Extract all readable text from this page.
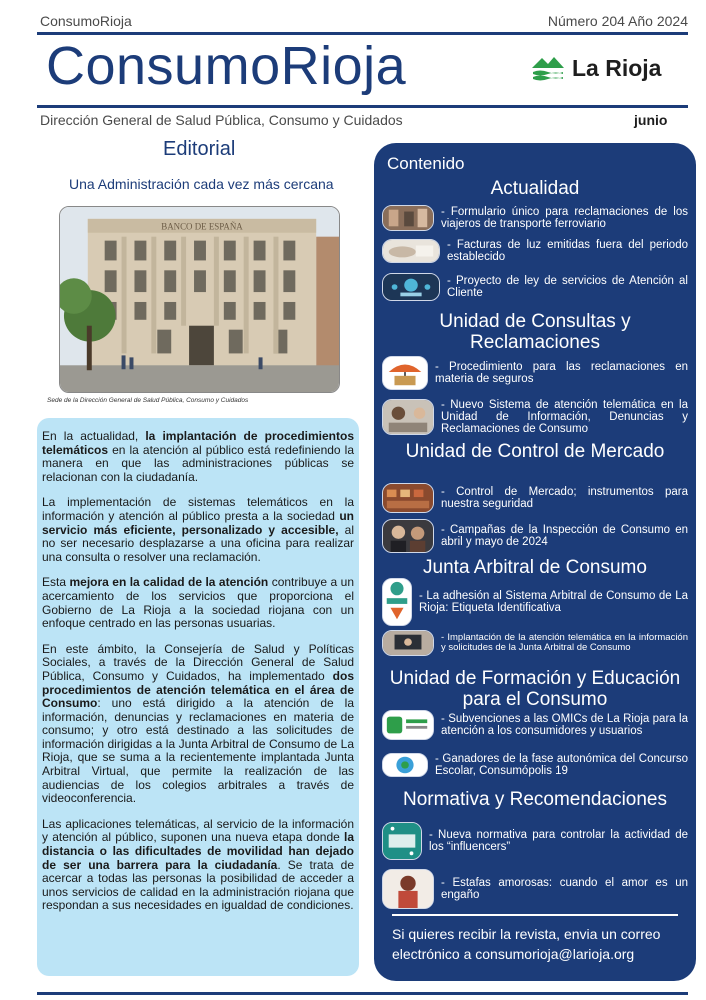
ConsumoRioja	Número 204 Año 2024
ConsumoRioja	La Rioja
Dirección General de Salud Pública, Consumo y Cuidados	junio
Editorial
Una Administración cada vez más cercana
BANCO DE ESPAÑA
Sede de la Dirección General de Salud Pública, Consumo y Cuidados

En la actualidad, la implantación de procedimientos telemáticos en la atención al público está redefiniendo la manera en que las administraciones públicas se relacionan con la ciudadanía.

La implementación de sistemas telemáticos en la información y atención al público presta a la sociedad un servicio más eficiente, personalizado y accesible, al no ser necesario desplazarse a una oficina para realizar una consulta o resolver una reclamación.

Esta mejora en la calidad de la atención contribuye a un acercamiento de los servicios que proporciona el Gobierno de La Rioja a la sociedad riojana con un enfoque centrado en las personas usuarias.

En este ámbito, la Consejería de Salud y Políticas Sociales, a través de la Dirección General de Salud Pública, Consumo y Cuidados, ha implementado dos procedimientos de atención telemática en el área de Consumo: uno está dirigido a la atención de la información, denuncias y reclamaciones en materia de consumo; y otro está destinado a las solicitudes de información dirigidas a la Junta Arbitral de Consumo de La Rioja, que se suma a la recientemente implantada Junta Arbitral Virtual, que permite la realización de las audiencias de los colegios arbitrales a través de videoconferencia.

Las aplicaciones telemáticas, al servicio de la información y atención al público, suponen una nueva etapa donde la distancia o las dificultades de movilidad han dejado de ser una barrera para la ciudadanía. Se trata de acercar a todas las personas la posibilidad de acceder a unos servicios de calidad en la administración riojana que respondan a sus necesidades en igualdad de condiciones.

Contenido
Actualidad
- Formulario único para reclamaciones de los viajeros de transporte ferroviario
- Facturas de luz emitidas fuera del periodo establecido
- Proyecto de ley de servicios de Atención al Cliente
Unidad de Consultas y Reclamaciones
- Procedimiento para las reclamaciones en materia de seguros
- Nuevo Sistema de atención telemática en la Unidad de Información, Denuncias y Reclamaciones de Consumo
Unidad de Control de Mercado
- Control de Mercado; instrumentos para nuestra seguridad
- Campañas de la Inspección de Consumo en abril y mayo de 2024
Junta Arbitral de Consumo
- La adhesión al Sistema Arbitral de Consumo de La Rioja: Etiqueta Identificativa
- Implantación de la atención telemática en la información y solicitudes de la Junta Arbitral de Consumo
Unidad de Formación y Educación para el Consumo
- Subvenciones a las OMICs de La Rioja para la atención a los consumidores y usuarios
- Ganadores de la fase autonómica del Concurso Escolar, Consumópolis 19
Normativa y Recomendaciones
- Nueva normativa para controlar la actividad de los “influencers”
- Estafas amorosas: cuando el amor es un engaño
Si quieres recibir la revista, envia un correo electrónico a consumorioja@larioja.org
